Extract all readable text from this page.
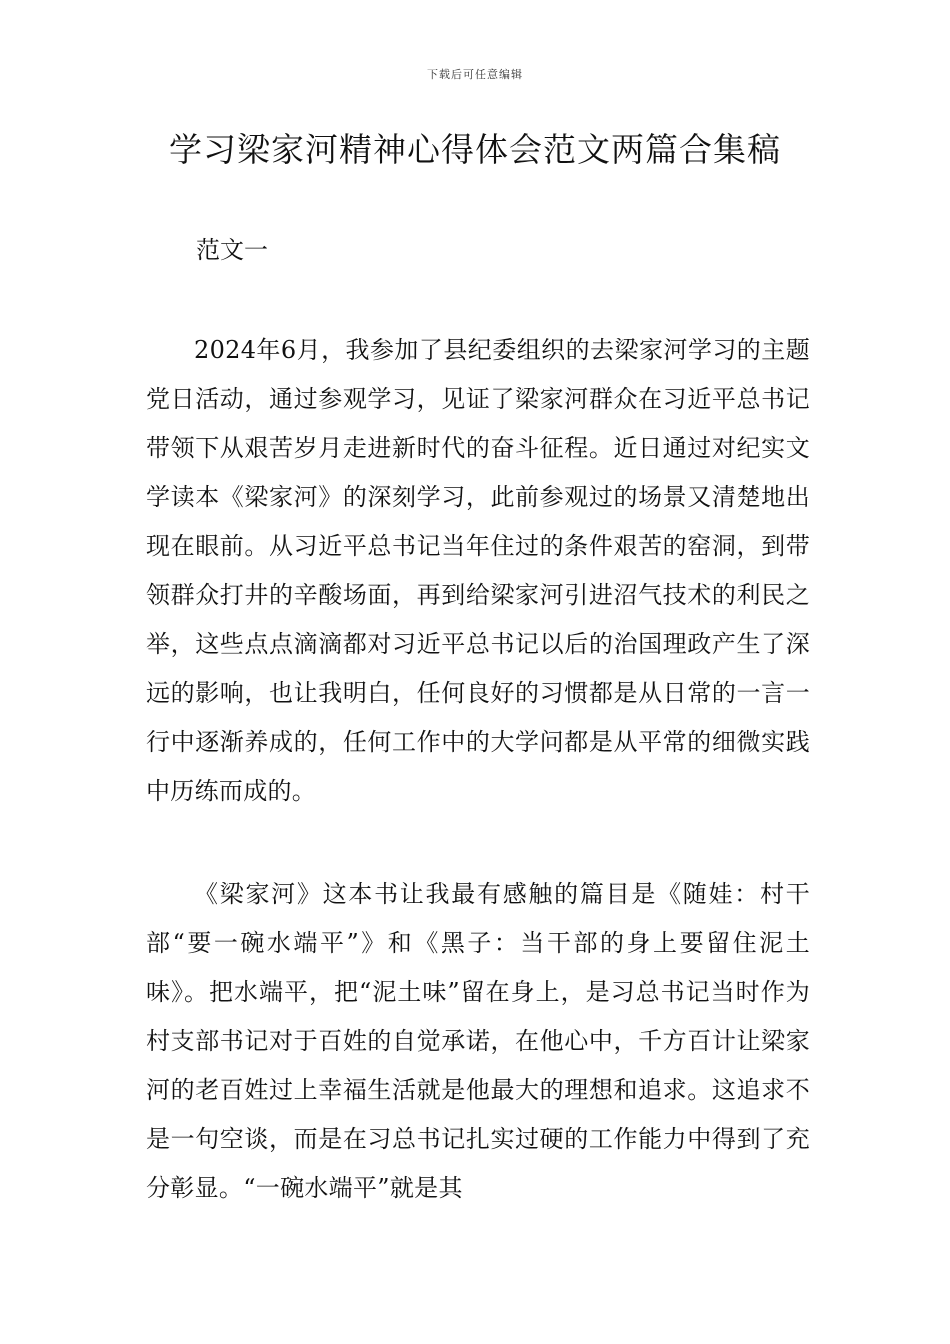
下载后可任意编辑
学习梁家河精神心得体会范文两篇合集稿
范文一

2024年6月，我参加了县纪委组织的去梁家河学习的主题党日活动，通过参观学习，见证了梁家河群众在习近平总书记带领下从艰苦岁月走进新时代的奋斗征程。近日通过对纪实文学读本《梁家河》的深刻学习，此前参观过的场景又清楚地出现在眼前。从习近平总书记当年住过的条件艰苦的窑洞，到带领群众打井的辛酸场面，再到给梁家河引进沼气技术的利民之举，这些点点滴滴都对习近平总书记以后的治国理政产生了深远的影响，也让我明白，任何良好的习惯都是从日常的一言一行中逐渐养成的，任何工作中的大学问都是从平常的细微实践中历练而成的。

《梁家河》这本书让我最有感触的篇目是《随娃：村干部“要一碗水端平”》和《黑子：当干部的身上要留住泥土味》。把水端平，把“泥土味”留在身上，是习总书记当时作为村支部书记对于百姓的自觉承诺，在他心中，千方百计让梁家河的老百姓过上幸福生活就是他最大的理想和追求。这追求不是一句空谈，而是在习总书记扎实过硬的工作能力中得到了充分彰显。“一碗水端平”就是其
